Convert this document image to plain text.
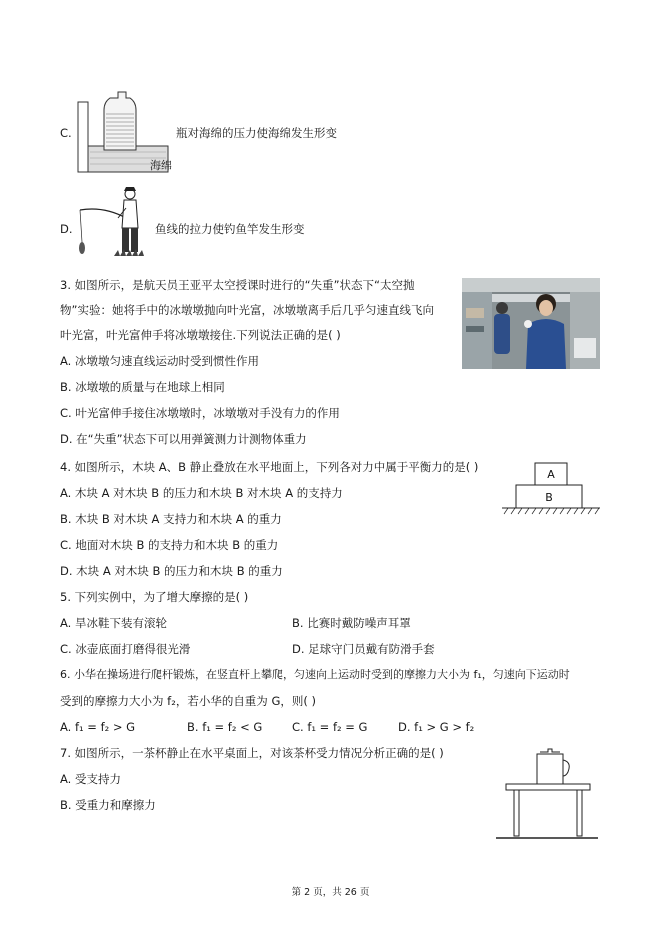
C.
海绵
瓶对海绵的压力使海绵发生形变
D.	鱼线的拉力使钓鱼竿发生形变
3. 如图所示，是航天员王亚平太空授课时进行的“失重”状态下“太空抛
物”实验：她将手中的冰墩墩抛向叶光富，冰墩墩离手后几乎匀速直线飞向
叶光富，叶光富伸手将冰墩墩接住.下列说法正确的是( )
A. 冰墩墩匀速直线运动时受到惯性作用
B. 冰墩墩的质量与在地球上相同
C. 叶光富伸手接住冰墩墩时，冰墩墩对手没有力的作用
D. 在“失重”状态下可以用弹簧测力计测物体重力
4. 如图所示，木块 A、B 静止叠放在水平地面上，下列各对力中属于平衡力的是( )
A. 木块 A 对木块 B 的压力和木块 B 对木块 A 的支持力
B. 木块 B 对木块 A 支持力和木块 A 的重力
C. 地面对木块 B 的支持力和木块 B 的重力
D. 木块 A 对木块 B 的压力和木块 B 的重力
A
B
5. 下列实例中，为了增大摩擦的是( )
A. 旱冰鞋下装有滚轮	B. 比赛时戴防噪声耳罩
C. 冰壶底面打磨得很光滑	D. 足球守门员戴有防滑手套
6. 小华在操场进行爬杆锻炼，在竖直杆上攀爬，匀速向上运动时受到的摩擦力大小为 f₁，匀速向下运动时
受到的摩擦力大小为 f₂，若小华的自重为 G，则( )
A. f₁ = f₂ > G	B. f₁ = f₂ < G	C. f₁ = f₂ = G	D. f₁ > G > f₂
7. 如图所示，一茶杯静止在水平桌面上，对该茶杯受力情况分析正确的是( )
A. 受支持力
B. 受重力和摩擦力
第 2 页，共 26 页
